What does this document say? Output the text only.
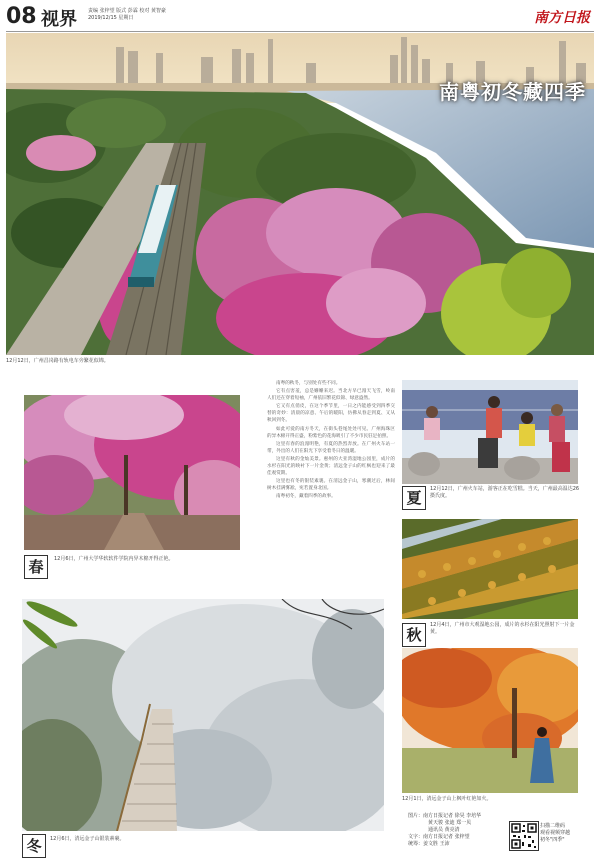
08 视界 责编 张梓望 版式 彭霖 校对 黄智豪
2019/12/15 星期日	南方日报
南粤初冬藏四季
12月12日，广州昌岗路有轨电车旁繁花似锦。
春	12月6日，广州大学华软软件学院内异木棉开得正艳。

南粤的秋冬，与别处有些不同。

它有点害羞，总是姗姗来迟。当北方早已漫天飞雪，岭南人们还在穿着短袖，广州依旧繁花似锦、绿意盎然。

它又有点俏皮，在这个季节里，一日之内能感受到四季交替的奇妙：清晨的凉意、午后的暖阳，仿佛从春走到夏、又从秋回到冬。

如此可爱的南方冬天，在街头巷尾处处可见。广州海珠区的异木棉开得正盛，粉紫色的花海吸引了不少市民驻足拍照。

这里有春的浪漫明艳，有夏的热烈奔放。在广州火车站一带，外出的人们在阳光下享受着冬日的温暖。

这里有秋的金灿美景。惠州的大亚湾湿地公园里，成片的水杉在阳光的映衬下一片金黄；清远金子山的红枫也迎来了最佳观赏期。

这里也有冬的银装素裹。在清远金子山，寒潮过后，林间树木挂满雾凇，宛若置身北国。

南粤初冬，藏着四季的故事。	夏	12月12日，广州火车站，游客正在吃雪糕。当天，广州最高温达26摄氏度。
秋
12月4日，广州市大观湿地公园，成片的水杉在阳光照射下一片金黄。
12月1日，清远金子山上枫叶红艳如火。
冬	12月6日，清远金子山银装素裹。
图片：南方日报记者 徐昊 李培华
黄天骏 张迪 郑一贝
通讯员 黄亮清
文字：南方日报记者 张梓望
统筹：姜文胜 王沛
扫描二维码
观看视频穿越
初冬"四季"
